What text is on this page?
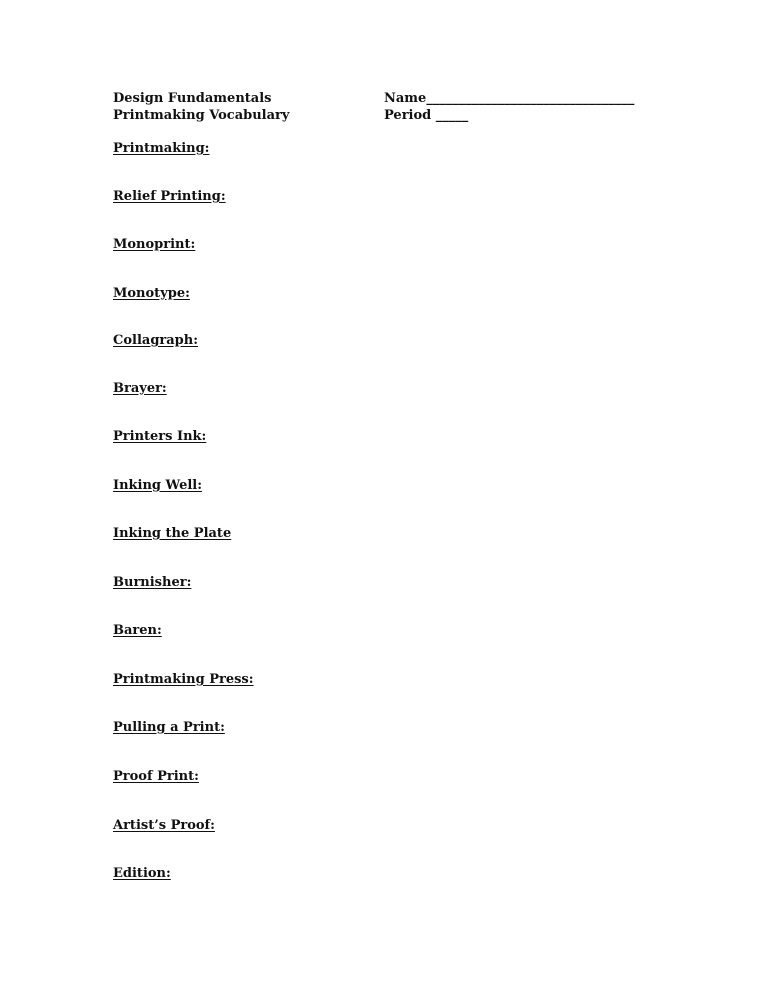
Design Fundamentals	Name________________________________
Printmaking Vocabulary	Period _____
Printmaking:
Relief Printing:
Monoprint:
Monotype:
Collagraph:
Brayer:
Printers Ink:
Inking Well:
Inking the Plate
Burnisher:
Baren:
Printmaking Press:
Pulling a Print:
Proof Print:
Artist’s Proof:
Edition:
